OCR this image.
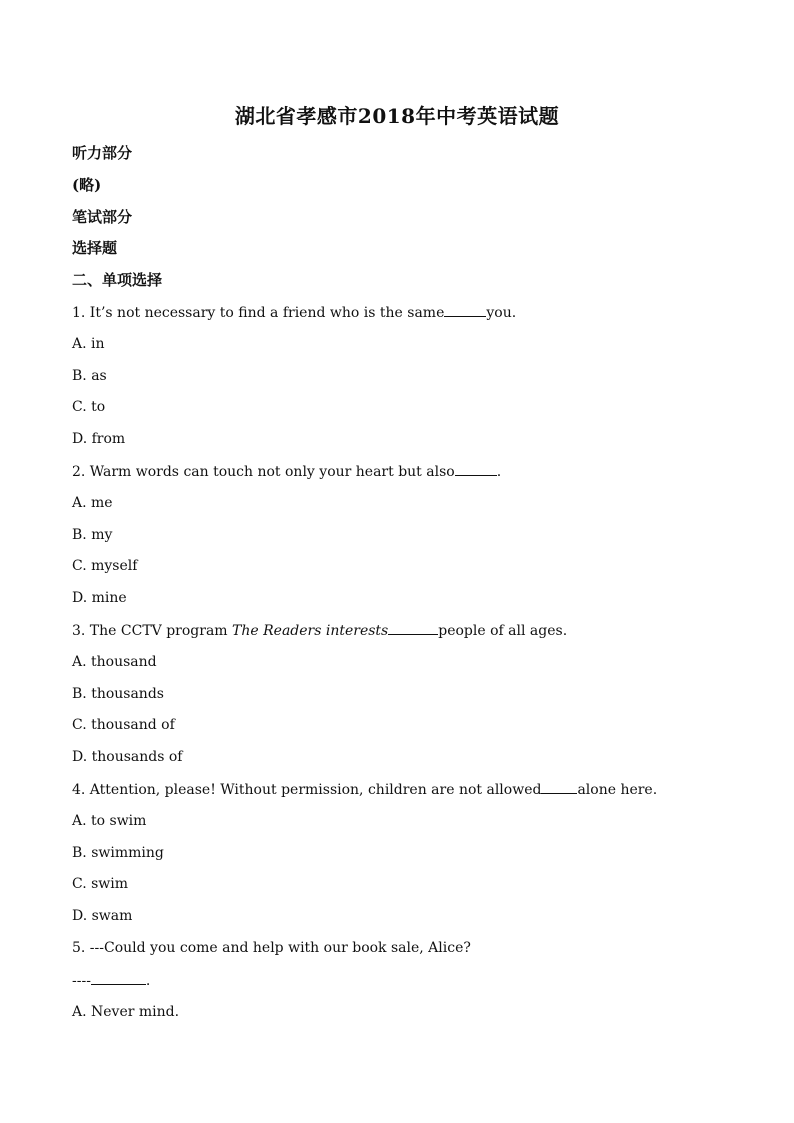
湖北省孝感市2018年中考英语试题
听力部分
(略)
笔试部分
选择题
二、单项选择
1. It’s not necessary to find a friend who is the same	you.
A. in
B. as
C. to
D. from
2. Warm words can touch not only your heart but also	.
A. me
B. my
C. myself
D. mine
3. The CCTV program The Readers interests	people of all ages.
A. thousand
B. thousands
C. thousand of
D. thousands of
4. Attention, please! Without permission, children are not allowed	alone here.
A. to swim
B. swimming
C. swim
D. swam
5. ---Could you come and help with our book sale, Alice?
----	.
A. Never mind.
